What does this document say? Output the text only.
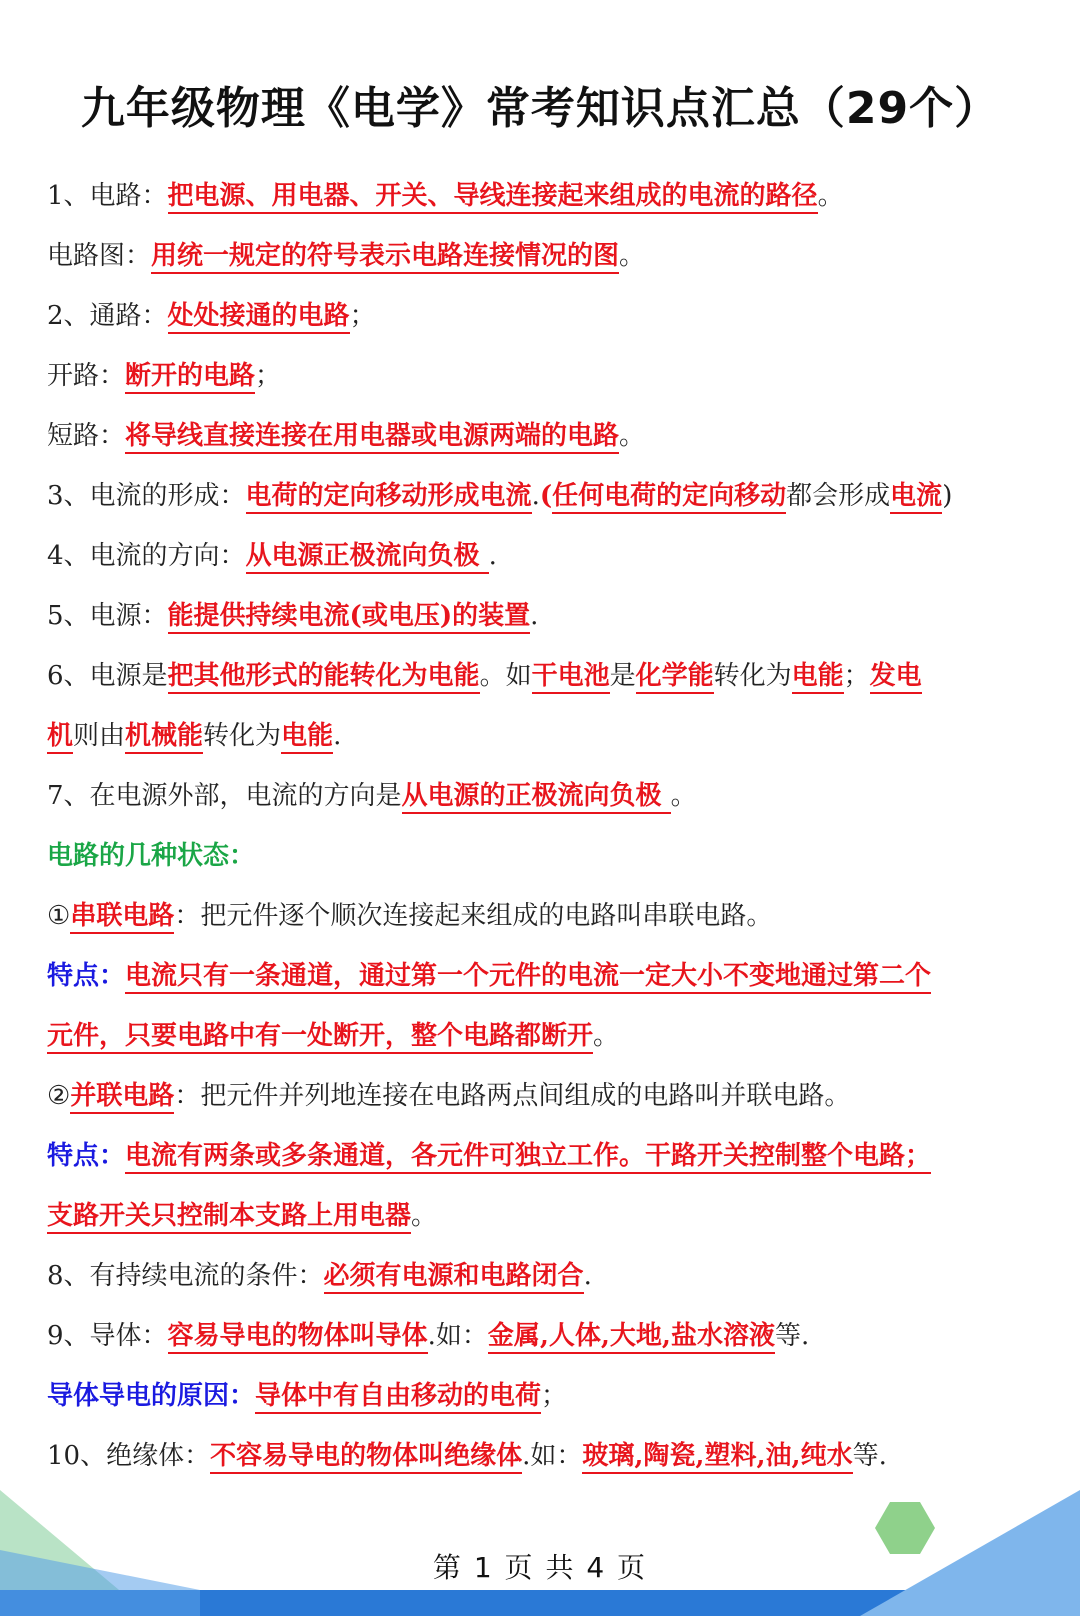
九年级物理《电学》常考知识点汇总（29个）
1、电路：把电源、用电器、开关、导线连接起来组成的电流的路径。
电路图：用统一规定的符号表示电路连接情况的图。
2、通路：处处接通的电路；
开路：断开的电路；
短路：将导线直接连接在用电器或电源两端的电路。
3、电流的形成：电荷的定向移动形成电流.(任何电荷的定向移动都会形成电流)
4、电流的方向：从电源正极流向负极 .
5、电源：能提供持续电流(或电压)的装置.
6、电源是把其他形式的能转化为电能。如干电池是化学能转化为电能；发电
机则由机械能转化为电能.
7、在电源外部，电流的方向是从电源的正极流向负极 。
电路的几种状态：
①串联电路：把元件逐个顺次连接起来组成的电路叫串联电路。
特点：电流只有一条通道，通过第一个元件的电流一定大小不变地通过第二个
元件，只要电路中有一处断开，整个电路都断开。
②并联电路：把元件并列地连接在电路两点间组成的电路叫并联电路。
特点：电流有两条或多条通道，各元件可独立工作。干路开关控制整个电路；
支路开关只控制本支路上用电器。
8、有持续电流的条件：必须有电源和电路闭合.
9、导体：容易导电的物体叫导体.如：金属,人体,大地,盐水溶液等.
导体导电的原因：导体中有自由移动的电荷；
10、绝缘体：不容易导电的物体叫绝缘体.如：玻璃,陶瓷,塑料,油,纯水等.
第 1 页 共 4 页
